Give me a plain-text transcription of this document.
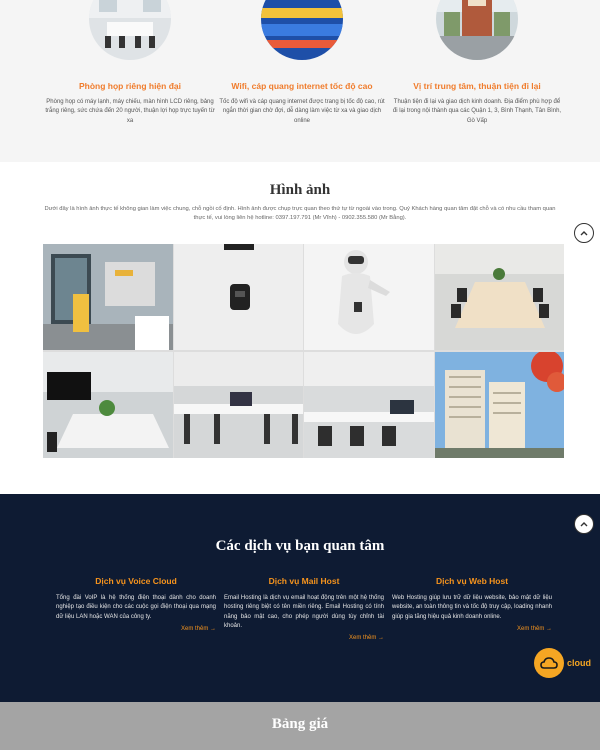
Phòng họp riêng hiện đại

Phòng họp có máy lạnh, máy chiếu, màn hình LCD riêng, bảng trắng riêng, sức chứa đến 20 người, thuận lợi họp trực tuyến từ xa

Wifi, cáp quang internet tốc độ cao

Tốc độ wifi và cáp quang internet được trang bị tốc độ cao, rút ngắn thời gian chờ đợi, dễ dàng làm việc từ xa và giao dịch online

Vị trí trung tâm, thuận tiện đi lại

Thuận tiện đi lại và giao dịch kinh doanh. Địa điểm phù hợp để đi lại trong nội thành qua các Quận 1, 3, Bình Thạnh, Tân Bình, Gò Vấp

Hình ảnh

Dưới đây là hình ảnh thực tế không gian làm việc chung, chỗ ngồi cố định. Hình ảnh được chụp trực quan theo thứ tự từ ngoài vào trong. Quý Khách hàng quan tâm đặt chỗ và có nhu cầu tham quan thực tế, vui lòng liên hệ hotline: 0397.197.791 (Mr Vĩnh) - 0902.355.580 (Mr Bằng).

Các dịch vụ bạn quan tâm
Dịch vụ Voice Cloud

Tổng đài VoIP là hệ thống điện thoại dành cho doanh nghiệp tạo điều kiện cho các cuộc gọi điện thoại qua mạng dữ liệu LAN hoặc WAN của công ty.

Xem thêm →
Dịch vụ Mail Host

Email Hosting là dịch vụ email hoạt động trên một hệ thống hosting riêng biệt có tên miền riêng. Email Hosting có tính năng bảo mật cao, cho phép người dùng tùy chỉnh tài khoản.

Xem thêm →
Dịch vụ Web Host

Web Hosting giúp lưu trữ dữ liệu website, bảo mật dữ liệu website, an toàn thông tin và tốc độ truy cập, loading nhanh giúp gia tăng hiệu quả kinh doanh online.

Xem thêm →
cloud
Bảng giá
